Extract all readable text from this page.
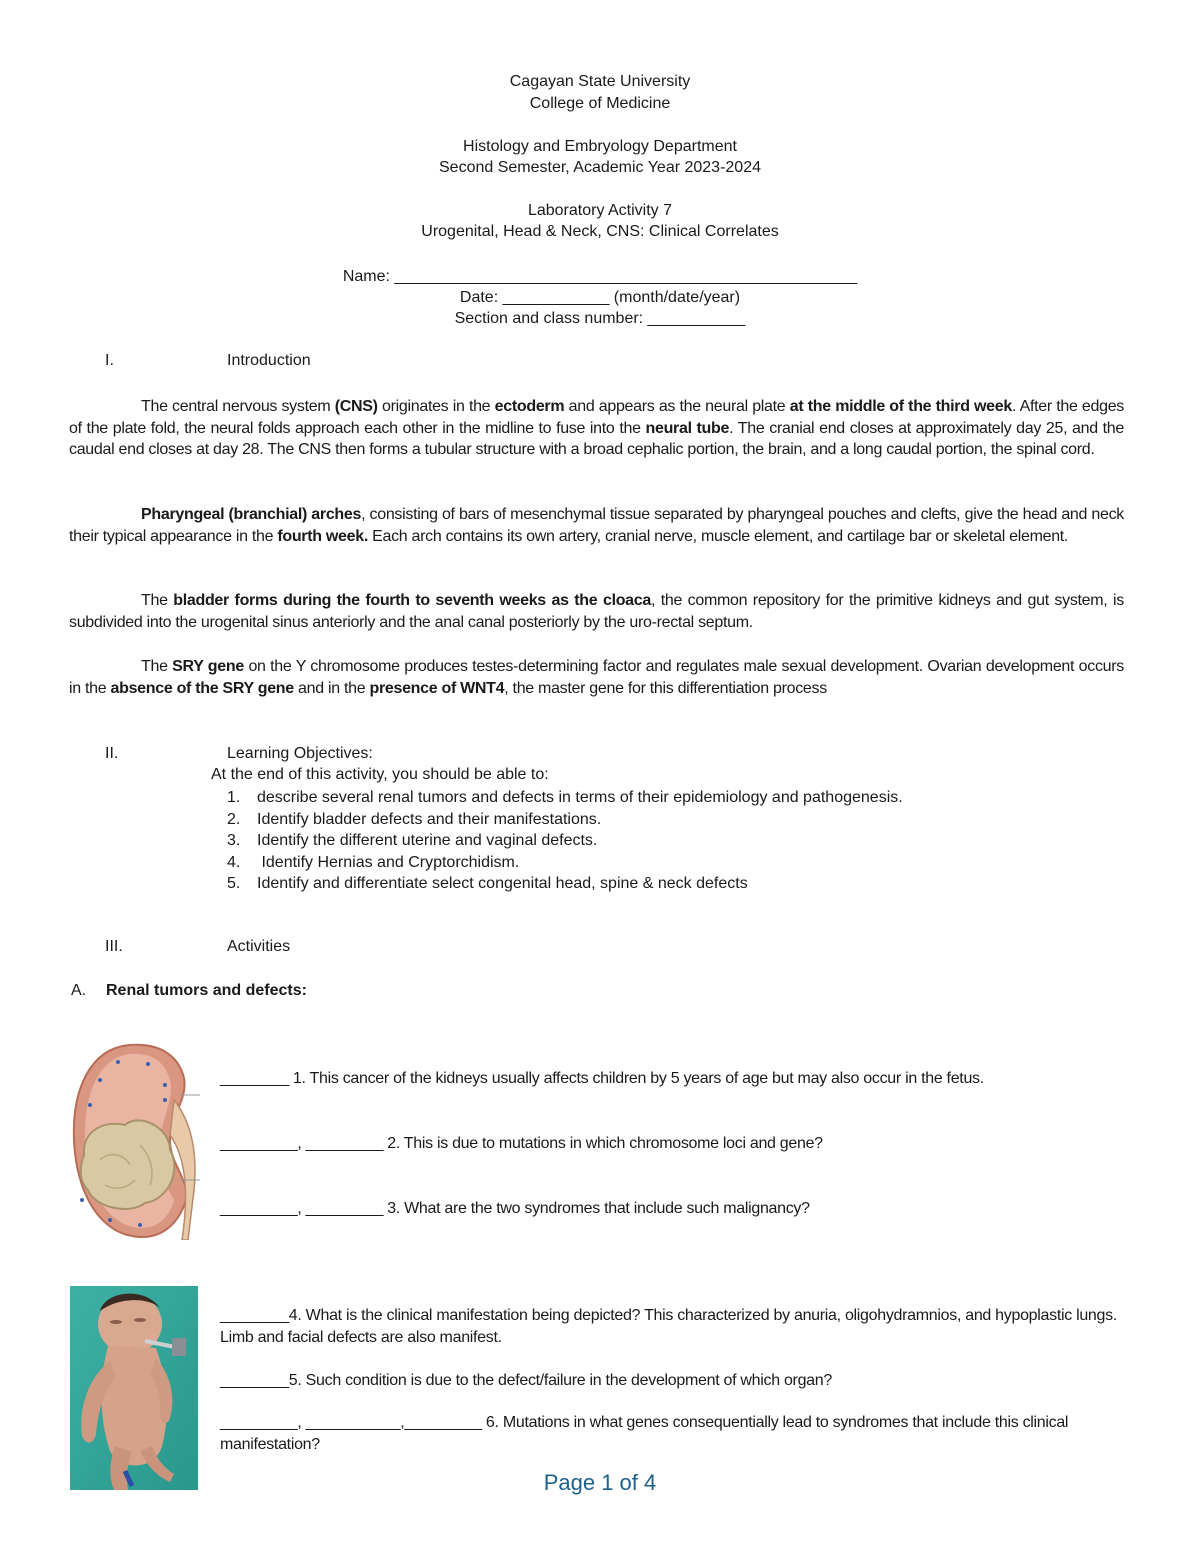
Cagayan State University
College of Medicine
Histology and Embryology Department
Second Semester, Academic Year 2023-2024
Laboratory Activity 7
Urogenital, Head & Neck, CNS: Clinical Correlates
Name: ____________________________________________________
Date: ____________ (month/date/year)
Section and class number: ___________
I.	Introduction
The central nervous system (CNS) originates in the ectoderm and appears as the neural plate at the middle of the third week. After the edges of the plate fold, the neural folds approach each other in the midline to fuse into the neural tube. The cranial end closes at approximately day 25, and the caudal end closes at day 28. The CNS then forms a tubular structure with a broad cephalic portion, the brain, and a long caudal portion, the spinal cord.
Pharyngeal (branchial) arches, consisting of bars of mesenchymal tissue separated by pharyngeal pouches and clefts, give the head and neck their typical appearance in the fourth week. Each arch contains its own artery, cranial nerve, muscle element, and cartilage bar or skeletal element.
The bladder forms during the fourth to seventh weeks as the cloaca, the common repository for the primitive kidneys and gut system, is subdivided into the urogenital sinus anteriorly and the anal canal posteriorly by the uro-rectal septum.
The SRY gene on the Y chromosome produces testes-determining factor and regulates male sexual development. Ovarian development occurs in the absence of the SRY gene and in the presence of WNT4, the master gene for this differentiation process
II.	Learning Objectives:
At the end of this activity, you should be able to:
1. describe several renal tumors and defects in terms of their epidemiology and pathogenesis.
2. Identify bladder defects and their manifestations.
3. Identify the different uterine and vaginal defects.
4. Identify Hernias and Cryptorchidism.
5. Identify and differentiate select congenital head, spine & neck defects
III.	Activities
A. Renal tumors and defects:
________ 1. This cancer of the kidneys usually affects children by 5 years of age but may also occur in the fetus.
_________, _________ 2. This is due to mutations in which chromosome loci and gene?
_________, _________ 3. What are the two syndromes that include such malignancy?
________4. What is the clinical manifestation being depicted? This characterized by anuria, oligohydramnios, and hypoplastic lungs. Limb and facial defects are also manifest.
________5. Such condition is due to the defect/failure in the development of which organ?
_________, ___________,_________ 6. Mutations in what genes consequentially lead to syndromes that include this clinical manifestation?
Page 1 of 4
